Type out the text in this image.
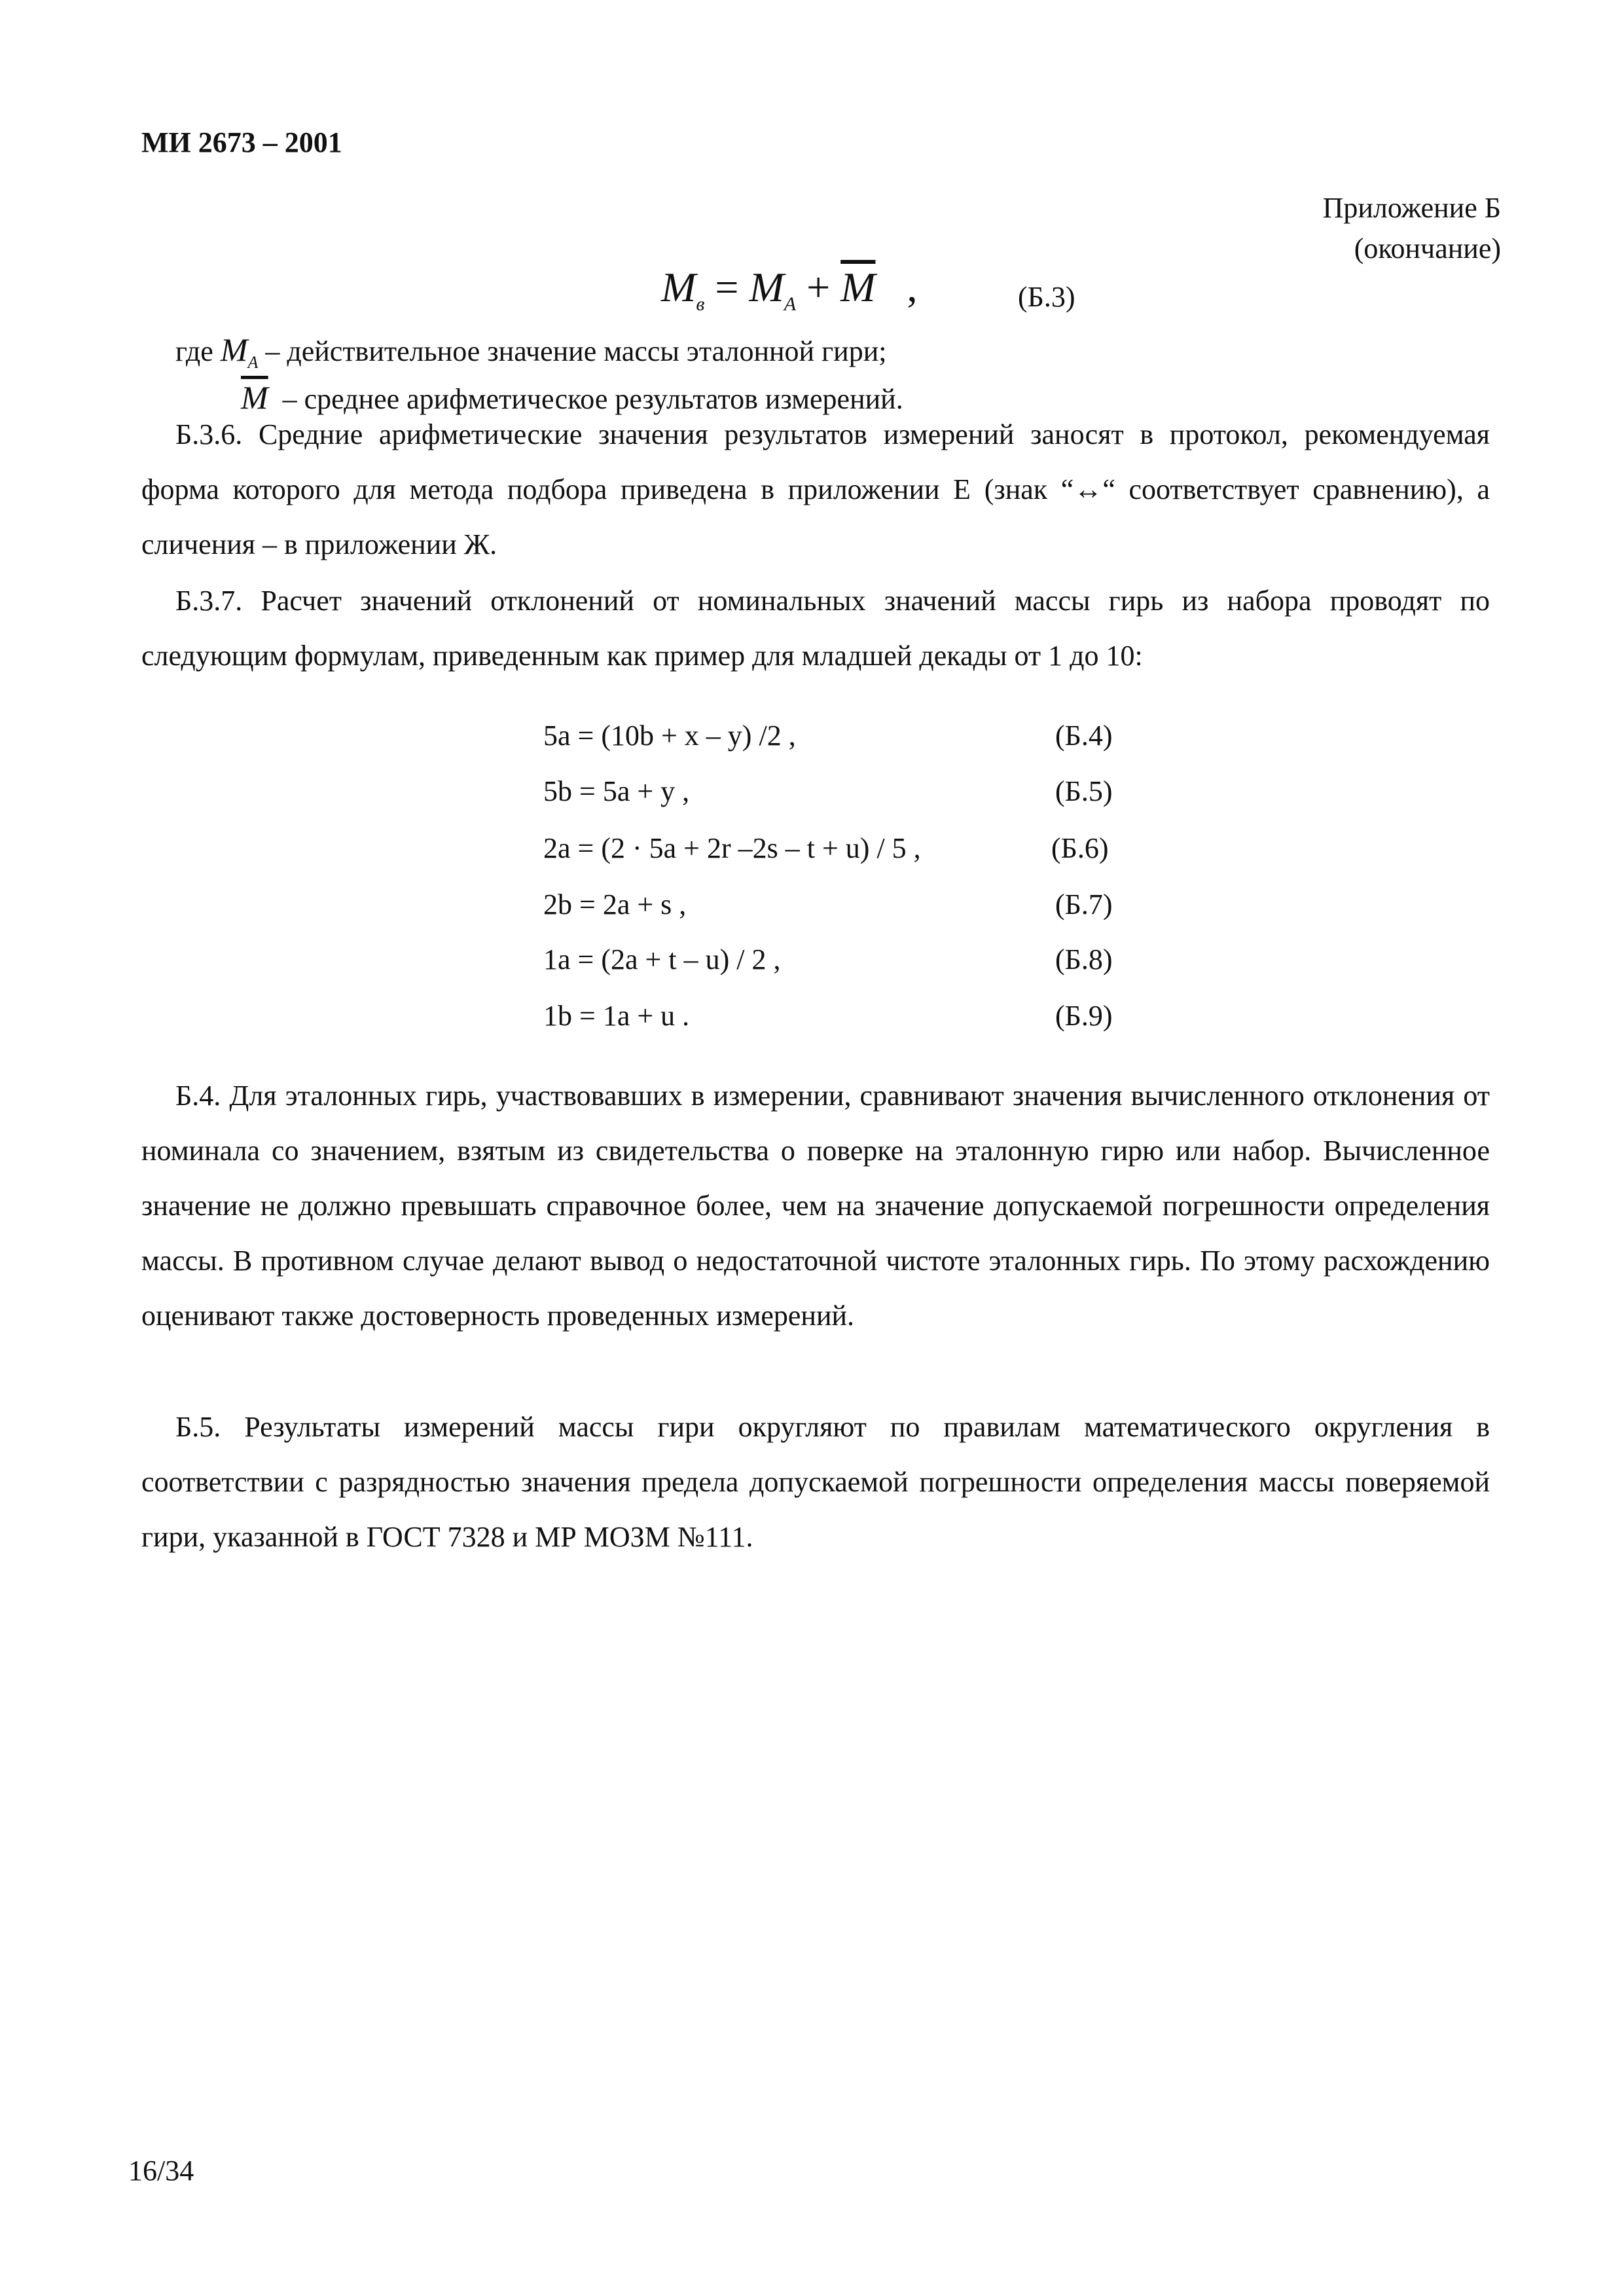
МИ 2673 – 2001
Приложение Б
(окончание)
$M_в = M_A + \overline{M}$ ,	(Б.3)
где $M_A$ – действительное значение массы эталонной гири;
$\overline{M}$ – среднее арифметическое результатов измерений.

Б.3.6. Средние арифметические значения результатов измерений заносят в протокол, рекомендуемая форма которого для метода подбора приведена в приложении Е (знак “↔“ соответствует сравнению), а сличения – в приложении Ж.

Б.3.7. Расчет значений отклонений от номинальных значений массы гирь из набора проводят по следующим формулам, приведенным как пример для младшей декады от 1 до 10:

5a = (10b + x – y) /2 ,	(Б.4)
5b = 5a + y ,	(Б.5)
2a = (2 · 5a + 2r –2s – t + u) / 5 ,	(Б.6)
2b = 2a + s ,	(Б.7)
1a = (2a + t – u) / 2 ,	(Б.8)
1b = 1a + u .	(Б.9)

Б.4. Для эталонных гирь, участвовавших в измерении, сравнивают значения вычисленного отклонения от номинала со значением, взятым из свидетельства о поверке на эталонную гирю или набор. Вычисленное значение не должно превышать справочное более, чем на значение допускаемой погрешности определения массы. В противном случае делают вывод о недостаточной чистоте эталонных гирь. По этому расхождению оценивают также достоверность проведенных измерений.

Б.5. Результаты измерений массы гири округляют по правилам математического округления в соответствии с разрядностью значения предела допускаемой погрешности определения массы поверяемой гири, указанной в ГОСТ 7328 и МР МОЗМ №111.

16/34
